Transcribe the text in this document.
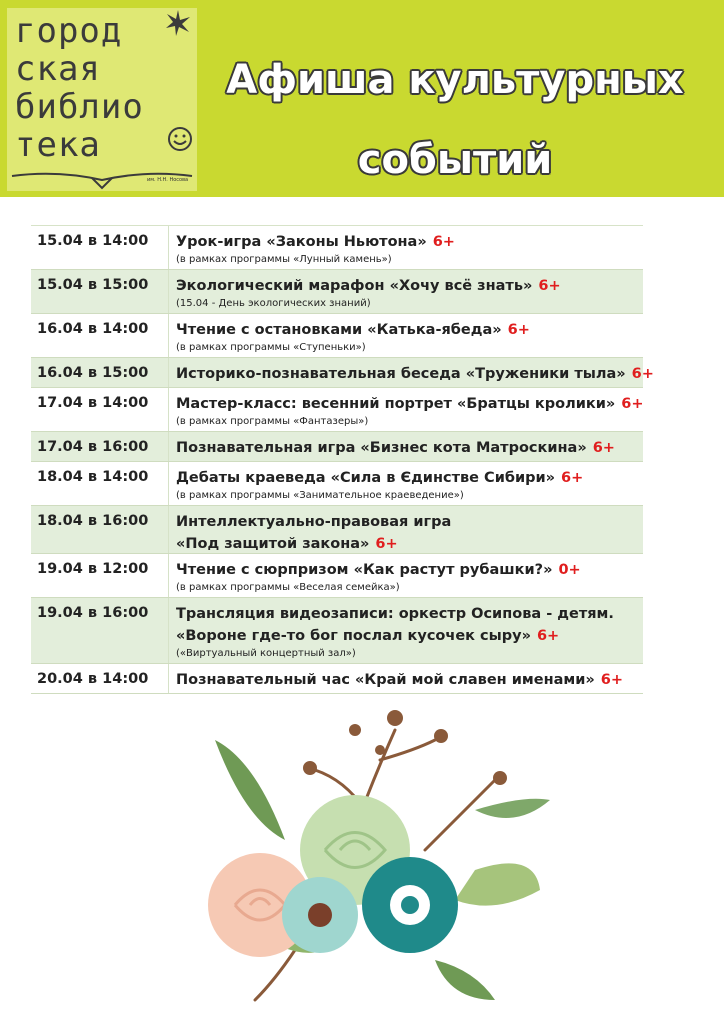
город
ская
библио
тека
им. Н.Н. Носова
Афиша культурных
событий
15.04 в 14:00	Урок-игра «Законы Ньютона» 6+
(в рамках программы «Лунный камень»)
15.04 в 15:00	Экологический марафон «Хочу всё знать» 6+
(15.04 - День экологических знаний)
16.04 в 14:00	Чтение с остановками «Катька-ябеда» 6+
(в рамках программы «Ступеньки»)
16.04 в 15:00	Историко-познавательная беседа «Труженики тыла» 6+
17.04 в 14:00	Мастер-класс: весенний портрет «Братцы кролики» 6+
(в рамках программы «Фантазеры»)
17.04 в 16:00	Познавательная игра «Бизнес кота Матроскина» 6+
18.04 в 14:00	Дебаты краеведа «Сила в Єдинстве Сибири» 6+
(в рамках программы «Занимательное краеведение»)
18.04 в 16:00	Интеллектуально-правовая игра
«Под защитой закона» 6+
19.04 в 12:00	Чтение с сюрпризом «Как растут рубашки?» 0+
(в рамках программы «Веселая семейка»)
19.04 в 16:00	Трансляция видеозаписи: оркестр Осипова - детям.
«Вороне где-то бог послал кусочек сыру» 6+
(«Виртуальный концертный зал»)
20.04 в 14:00	Познавательный час «Край мой славен именами» 6+
